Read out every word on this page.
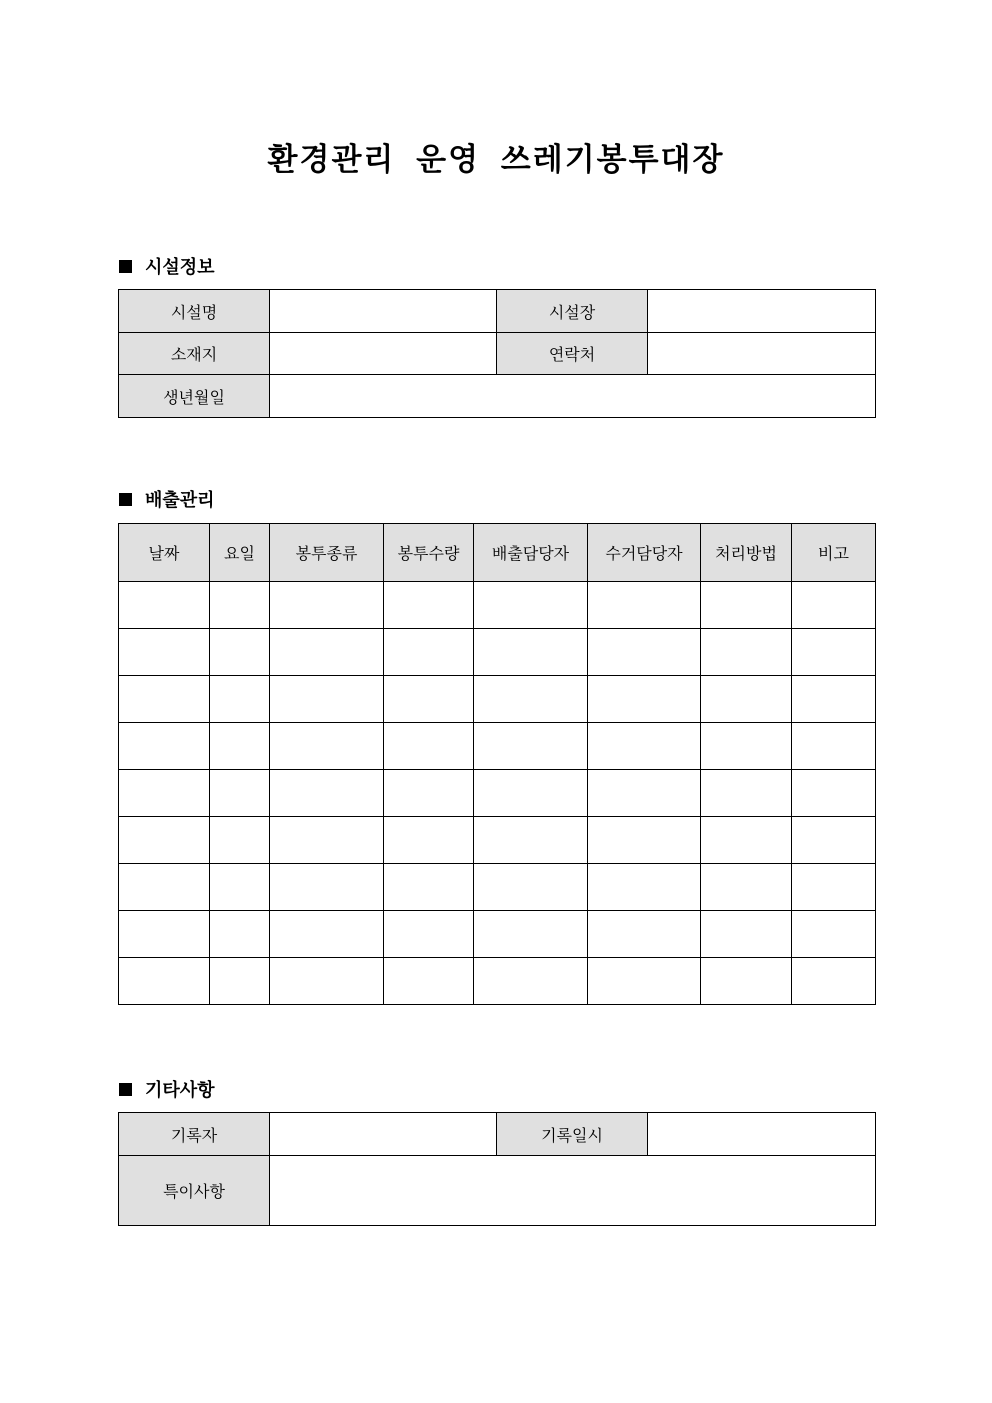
환경관리 운영 쓰레기봉투대장
시설정보
시설명		시설장	
소재지		연락처	
생년월일			
배출관리
날짜	요일	봉투종류	봉투수량	배출담당자	수거담당자	처리방법	비고

기타사항
기록자		기록일시	
특이사항			
